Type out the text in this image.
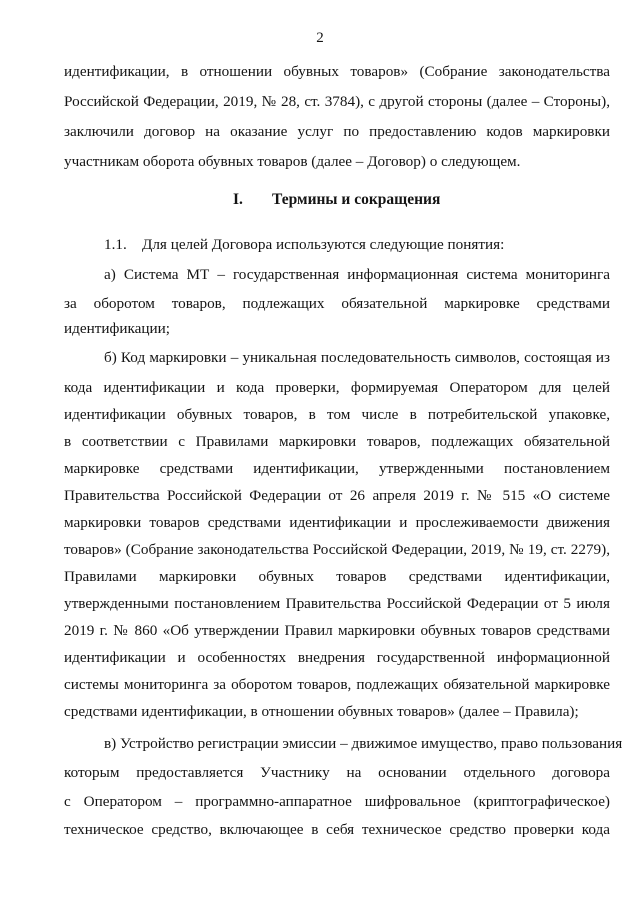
2
идентификации, в отношении обувных товаров» (Собрание законодательства
Российской Федерации, 2019, № 28, ст. 3784), с другой стороны (далее – Стороны),
заключили договор на оказание услуг по предоставлению кодов маркировки
участникам оборота обувных товаров (далее – Договор) о следующем.
I. Термины и сокращения
1.1.    Для целей Договора используются следующие понятия:
а) Система МТ – государственная информационная система мониторинга
за оборотом товаров, подлежащих обязательной маркировке средствами
идентификации;
б) Код маркировки – уникальная последовательность символов, состоящая из
кода идентификации и кода проверки, формируемая Оператором для целей
идентификации обувных товаров, в том числе в потребительской упаковке,
в соответствии с Правилами маркировки товаров, подлежащих обязательной
маркировке средствами идентификации, утвержденными постановлением
Правительства Российской Федерации от 26 апреля 2019 г. № 515 «О системе
маркировки товаров средствами идентификации и прослеживаемости движения
товаров» (Собрание законодательства Российской Федерации, 2019, № 19, ст. 2279),
Правилами маркировки обувных товаров средствами идентификации,
утвержденными постановлением Правительства Российской Федерации от 5 июля
2019 г. № 860 «Об утверждении Правил маркировки обувных товаров средствами
идентификации и особенностях внедрения государственной информационной
системы мониторинга за оборотом товаров, подлежащих обязательной маркировке
средствами идентификации, в отношении обувных товаров» (далее – Правила);
в) Устройство регистрации эмиссии – движимое имущество, право пользования
которым предоставляется Участнику на основании отдельного договора
с Оператором – программно-аппаратное шифровальное (криптографическое)
техническое средство, включающее в себя техническое средство проверки кода
